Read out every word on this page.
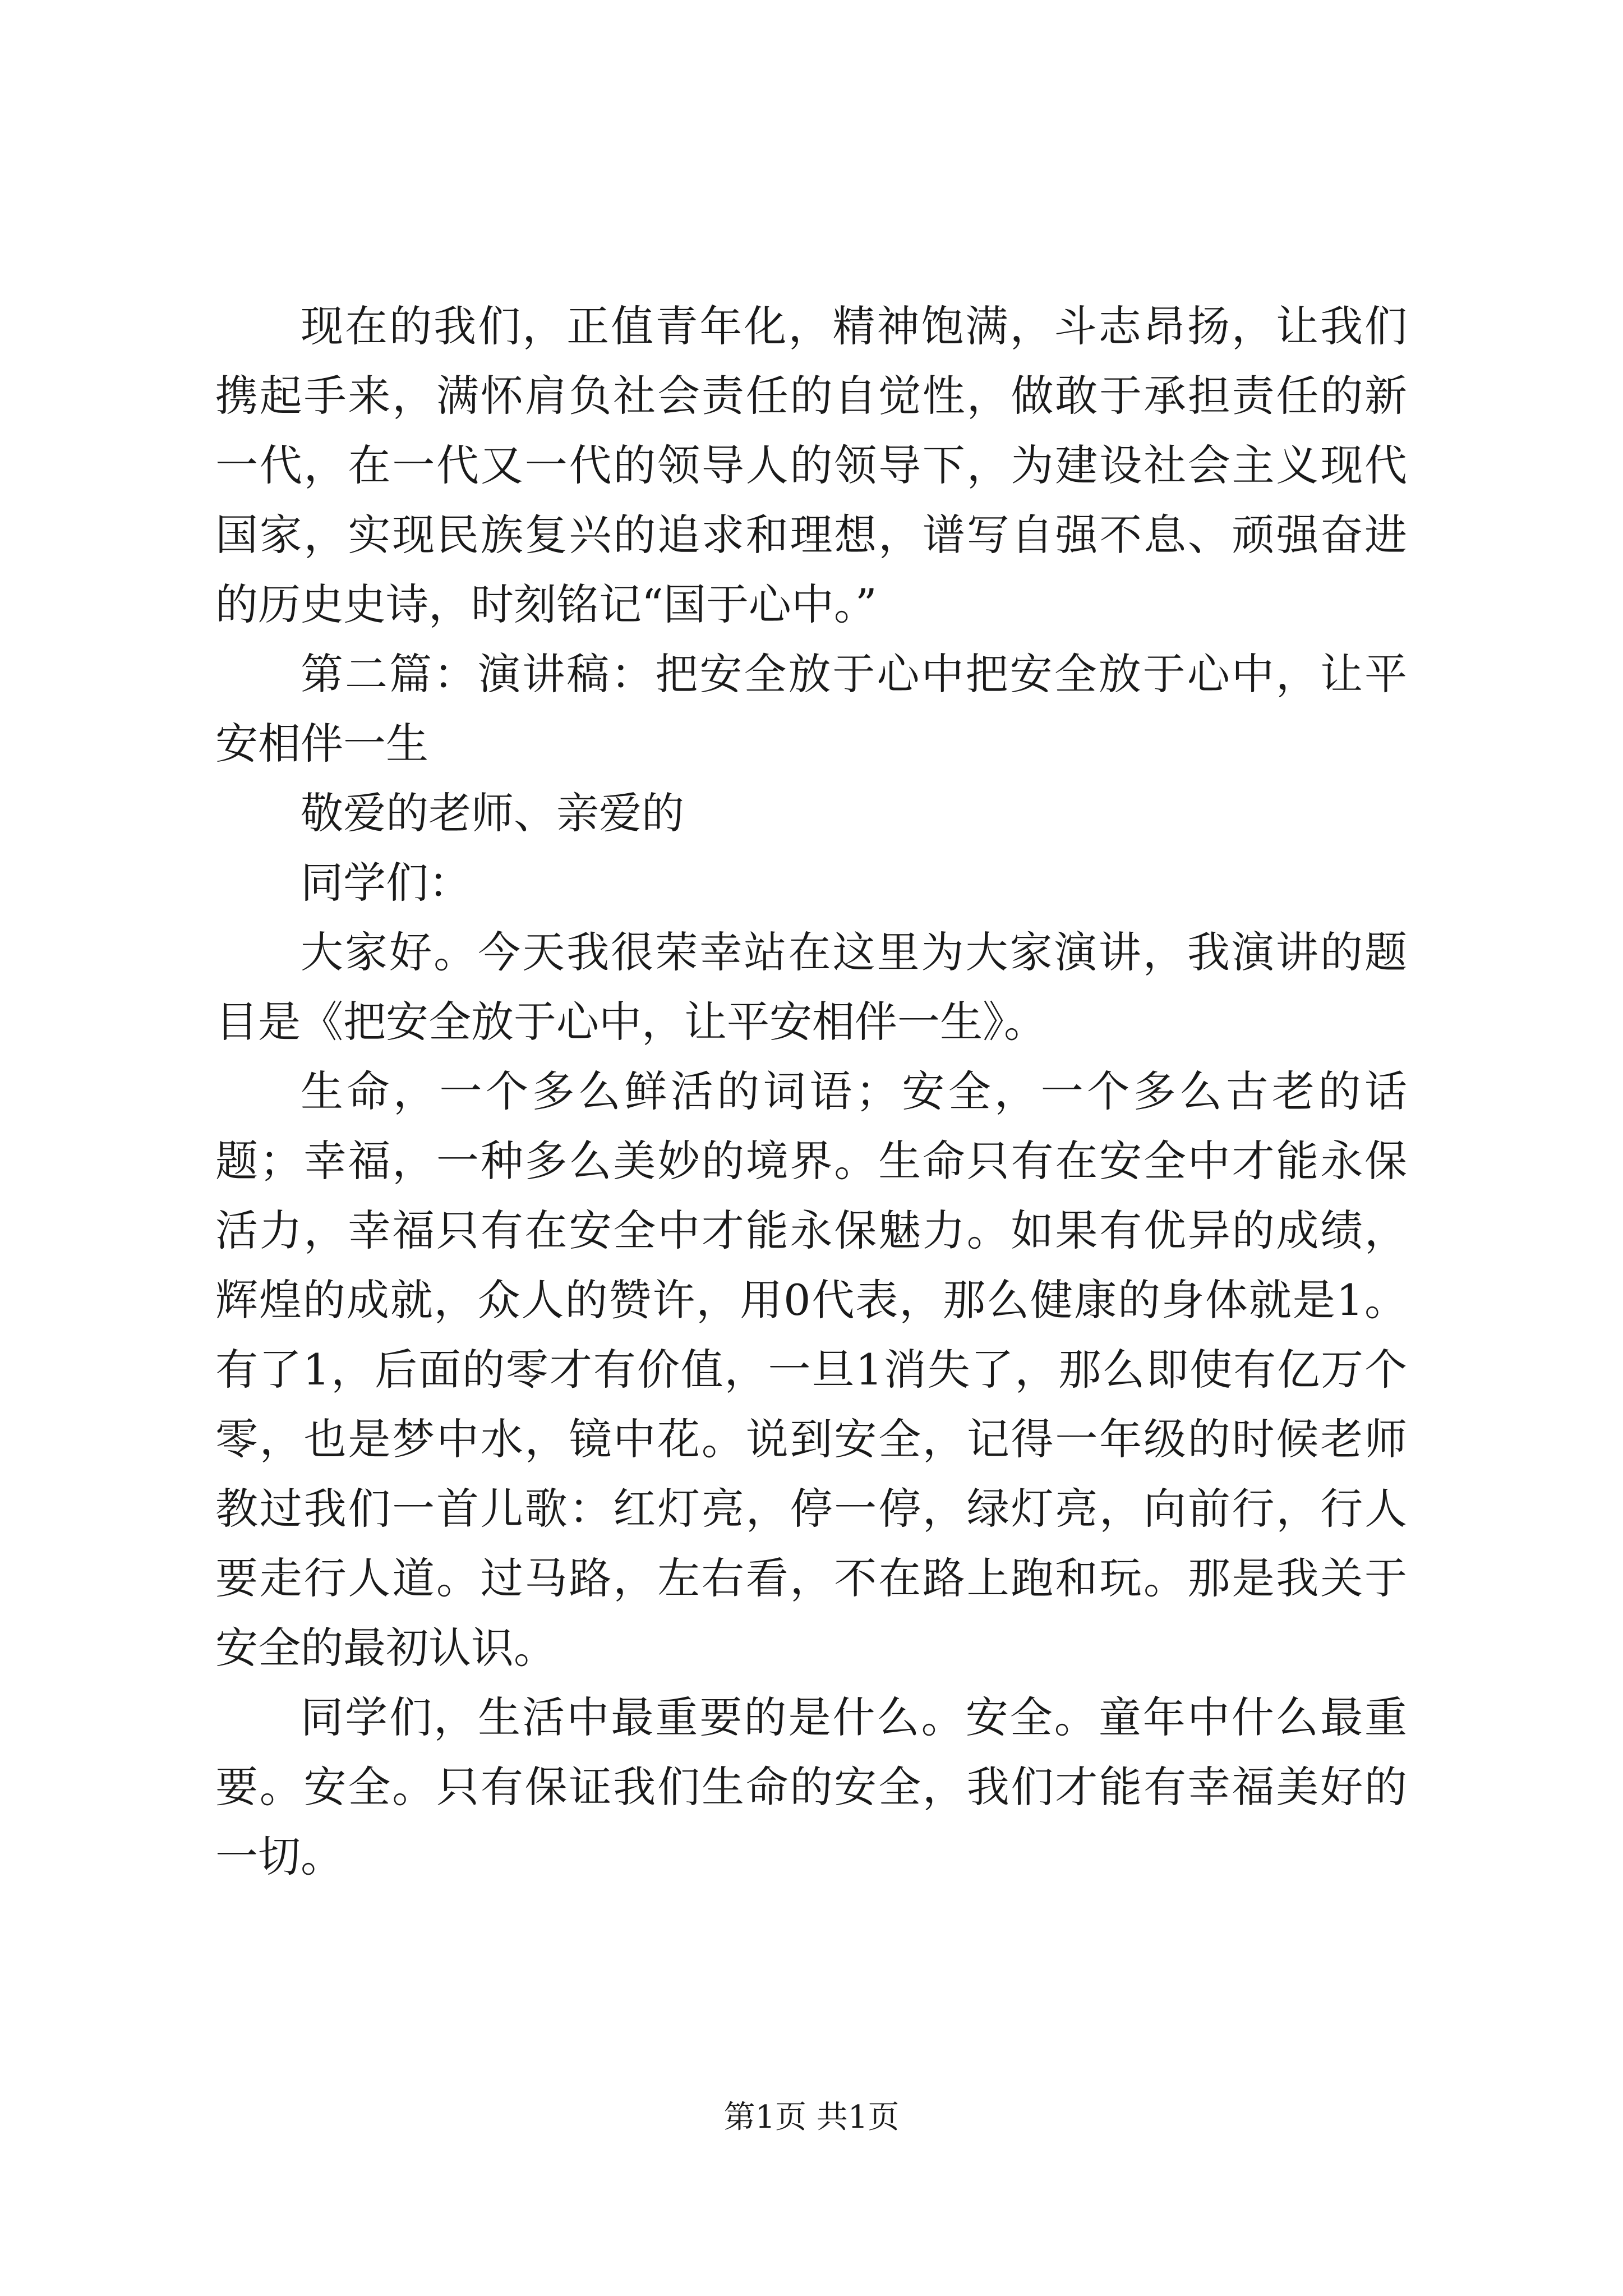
现在的我们，正值青年化，精神饱满，斗志昂扬，让我们携起手来，满怀肩负社会责任的自觉性，做敢于承担责任的新一代，在一代又一代的领导人的领导下，为建设社会主义现代国家，实现民族复兴的追求和理想，谱写自强不息、顽强奋进的历史史诗，时刻铭记“国于心中。”

第二篇：演讲稿：把安全放于心中把安全放于心中，让平安相伴一生

敬爱的老师、亲爱的

同学们：

大家好。今天我很荣幸站在这里为大家演讲，我演讲的题目是《把安全放于心中，让平安相伴一生》。

生命，一个多么鲜活的词语；安全，一个多么古老的话题；幸福，一种多么美妙的境界。生命只有在安全中才能永保活力，幸福只有在安全中才能永保魅力。如果有优异的成绩，辉煌的成就，众人的赞许，用0代表，那么健康的身体就是1。有了1，后面的零才有价值，一旦1消失了，那么即使有亿万个零，也是梦中水，镜中花。说到安全，记得一年级的时候老师教过我们一首儿歌：红灯亮，停一停，绿灯亮，向前行，行人要走行人道。过马路，左右看，不在路上跑和玩。那是我关于安全的最初认识。

同学们，生活中最重要的是什么。安全。童年中什么最重要。安全。只有保证我们生命的安全，我们才能有幸福美好的一切。

第1页 共1页
